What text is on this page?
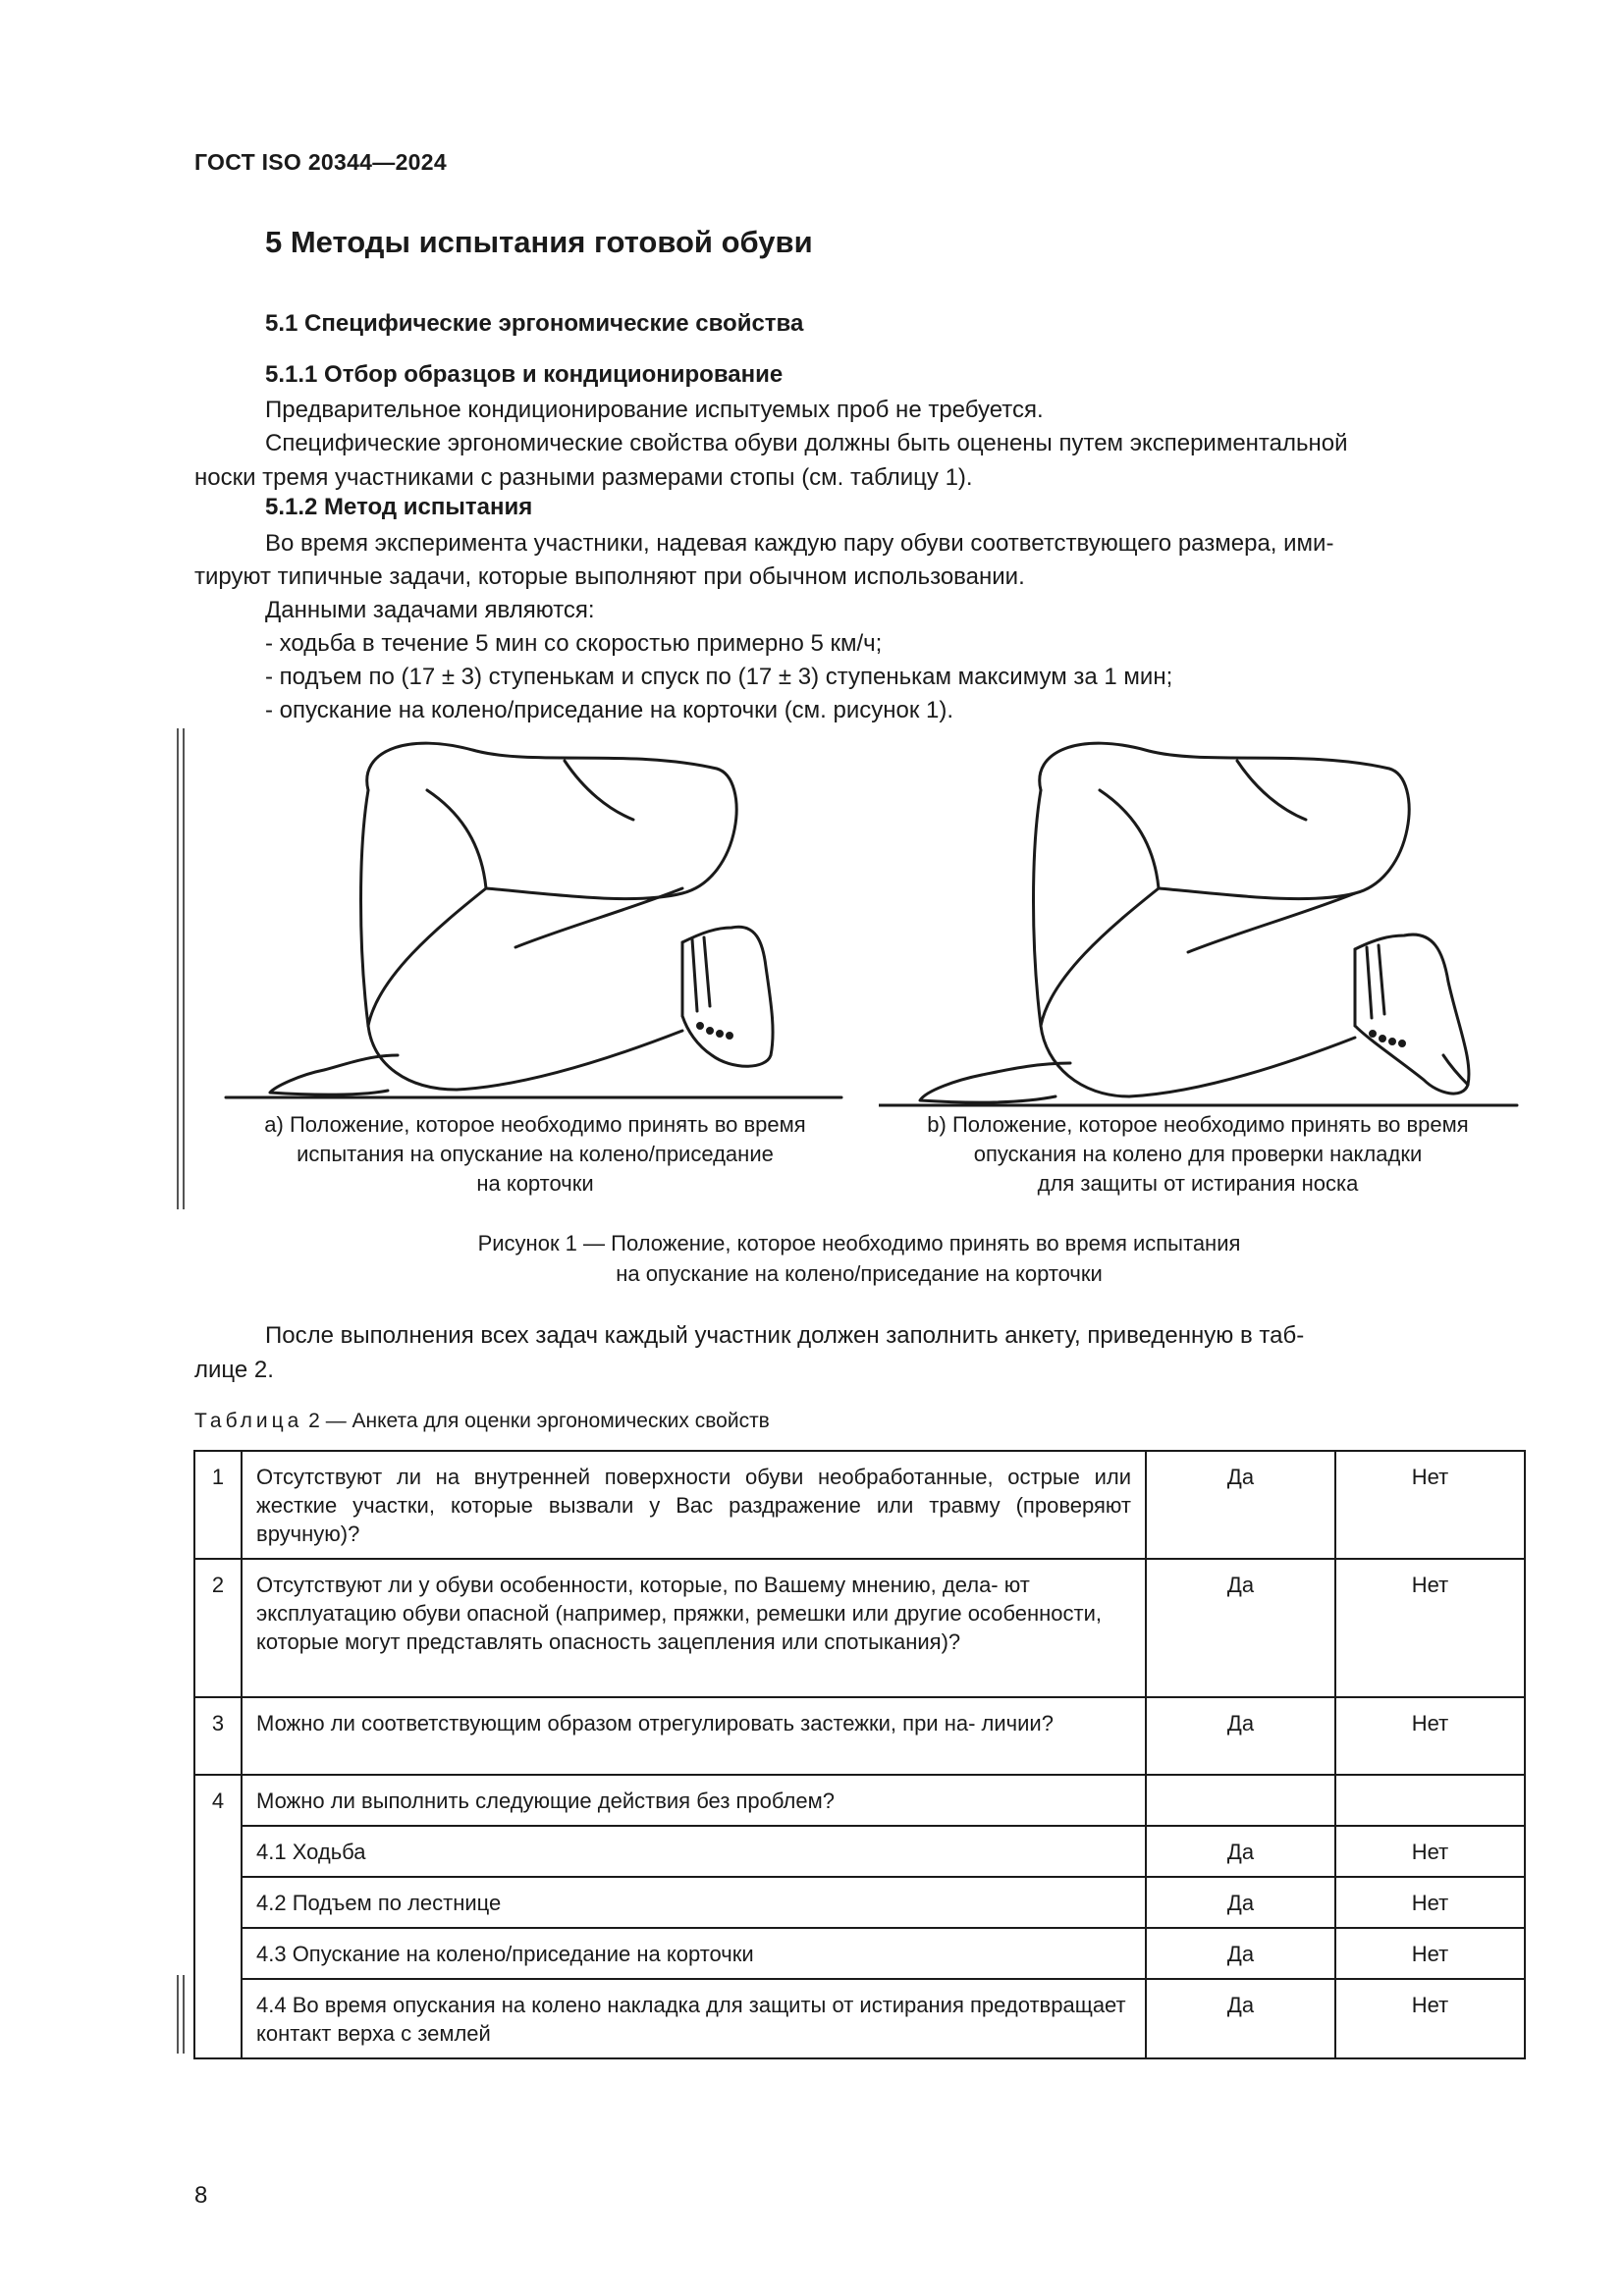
ГОСТ ISO 20344—2024
5 Методы испытания готовой обуви
5.1 Специфические эргономические свойства
5.1.1 Отбор образцов и кондиционирование
Предварительное кондиционирование испытуемых проб не требуется.
Специфические эргономические свойства обуви должны быть оценены путем экспериментальной
носки тремя участниками с разными размерами стопы (см. таблицу 1).
5.1.2 Метод испытания
Во время эксперимента участники, надевая каждую пару обуви соответствующего размера, ими-
тируют типичные задачи, которые выполняют при обычном использовании.
Данными задачами являются:
- ходьба в течение 5 мин со скоростью примерно 5 км/ч;
- подъем по (17 ± 3) ступенькам и спуск по (17 ± 3) ступенькам максимум за 1 мин;
- опускание на колено/приседание на корточки (см. рисунок 1).
а) Положение, которое необходимо принять во время
испытания на опускание на колено/приседание
на корточки
b) Положение, которое необходимо принять во время
опускания на колено для проверки накладки
для защиты от истирания носка
Рисунок 1 — Положение, которое необходимо принять во время испытания
на опускание на колено/приседание на корточки
После выполнения всех задач каждый участник должен заполнить анкету, приведенную в таб-
лице 2.
Таблица 2 — Анкета для оценки эргономических свойств
1	Отсутствуют ли на внутренней поверхности обуви необработанные, острые или жесткие участки, которые вызвали у Вас раздражение или травму (проверяют вручную)?	Да	Нет
2	Отсутствуют ли у обуви особенности, которые, по Вашему мнению, дела- ют эксплуатацию обуви опасной (например, пряжки, ремешки или другие особенности, которые могут представлять опасность зацепления или спотыкания)?	Да	Нет
3	Можно ли соответствующим образом отрегулировать застежки, при на- личии?	Да	Нет
4	Можно ли выполнить следующие действия без проблем?		
	4.1 Ходьба	Да	Нет
	4.2 Подъем по лестнице	Да	Нет
	4.3 Опускание на колено/приседание на корточки	Да	Нет
	4.4 Во время опускания на колено накладка для защиты от истирания предотвращает контакт верха с землей	Да	Нет
8
